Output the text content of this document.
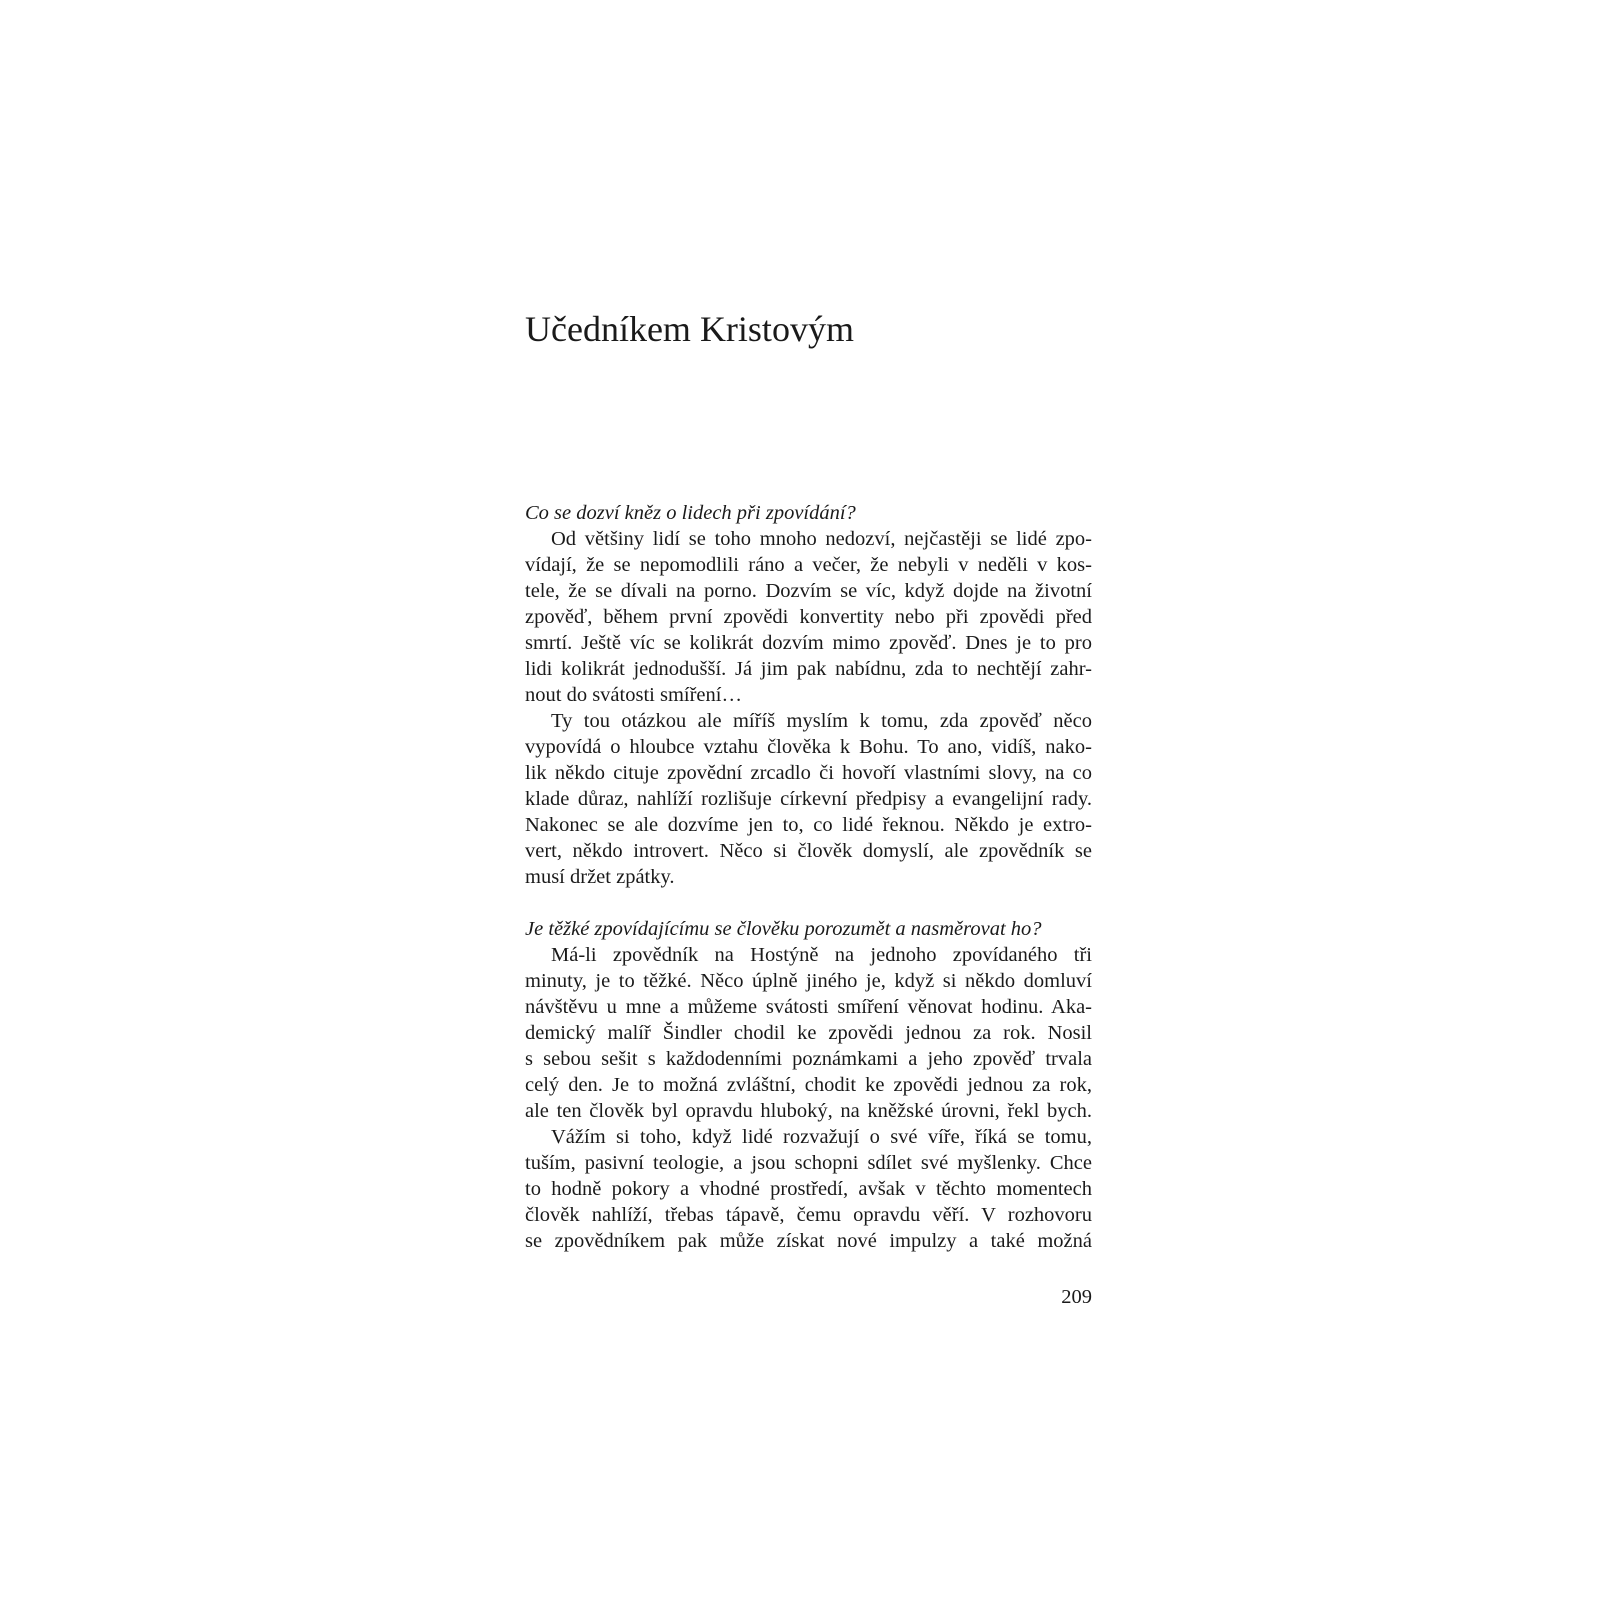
Učedníkem Kristovým

Co se dozví kněz o lidech při zpovídání?

Od většiny lidí se toho mnoho nedozví, nejčastěji se lidé zpo-
vídají, že se nepomodlili ráno a večer, že nebyli v neděli v kos-
tele, že se dívali na porno. Dozvím se víc, když dojde na životní
zpověď, během první zpovědi konvertity nebo při zpovědi před
smrtí. Ještě víc se kolikrát dozvím mimo zpověď. Dnes je to pro
lidi kolikrát jednodušší. Já jim pak nabídnu, zda to nechtějí zahr-
nout do svátosti smíření…

Ty tou otázkou ale míříš myslím k tomu, zda zpověď něco
vypovídá o hloubce vztahu člověka k Bohu. To ano, vidíš, nako-
lik někdo cituje zpovědní zrcadlo či hovoří vlastními slovy, na co
klade důraz, nahlíží rozlišuje církevní předpisy a evangelijní rady.
Nakonec se ale dozvíme jen to, co lidé řeknou. Někdo je extro-
vert, někdo introvert. Něco si člověk domyslí, ale zpovědník se
musí držet zpátky.

Je těžké zpovídajícímu se člověku porozumět a nasměrovat ho?

Má-li zpovědník na Hostýně na jednoho zpovídaného tři
minuty, je to těžké. Něco úplně jiného je, když si někdo domluví
návštěvu u mne a můžeme svátosti smíření věnovat hodinu. Aka-
demický malíř Šindler chodil ke zpovědi jednou za rok. Nosil
s sebou sešit s každodenními poznámkami a jeho zpověď trvala
celý den. Je to možná zvláštní, chodit ke zpovědi jednou za rok,
ale ten člověk byl opravdu hluboký, na kněžské úrovni, řekl bych.

Vážím si toho, když lidé rozvažují o své víře, říká se tomu,
tuším, pasivní teologie, a jsou schopni sdílet své myšlenky. Chce
to hodně pokory a vhodné prostředí, avšak v těchto momentech
člověk nahlíží, třebas tápavě, čemu opravdu věří. V rozhovoru
se zpovědníkem pak může získat nové impulzy a také možná

209
